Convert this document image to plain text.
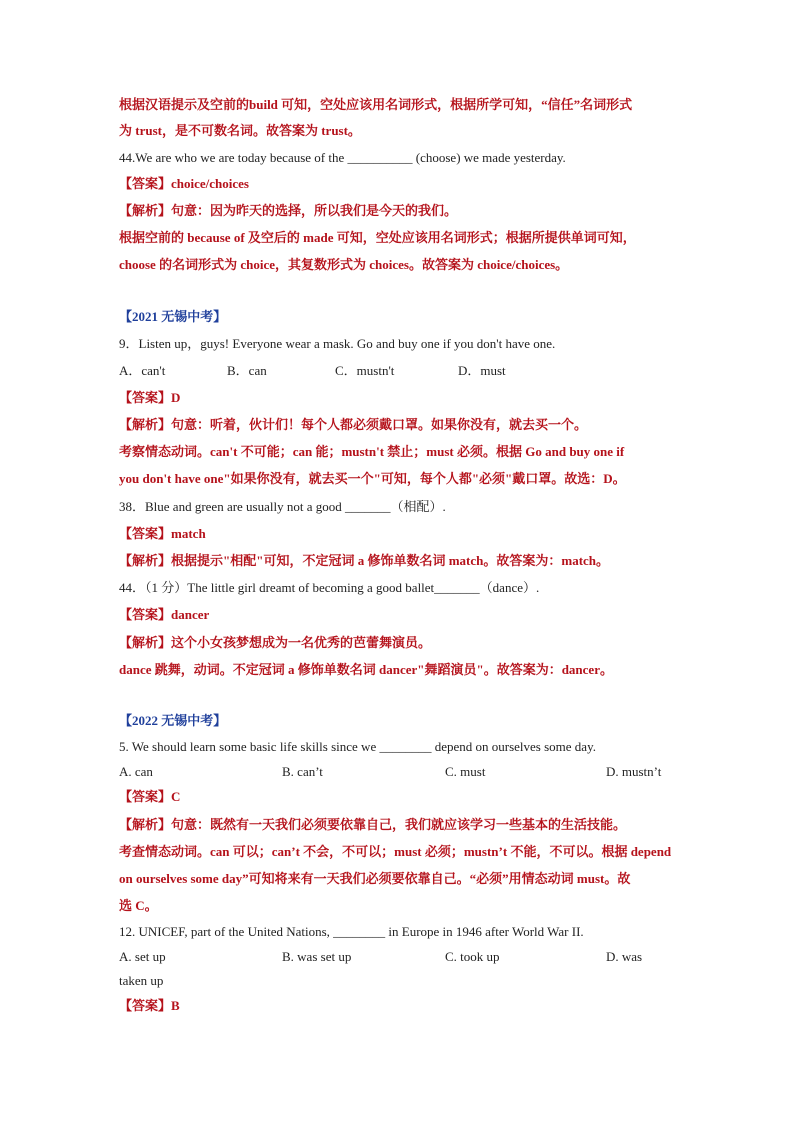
根据汉语提示及空前的build 可知，空处应该用名词形式，根据所学可知，“信任”名词形式
为 trust，是不可数名词。故答案为 trust。
44.We are who we are today because of the __________ (choose) we made yesterday.
【答案】choice/choices
【解析】句意：因为昨天的选择，所以我们是今天的我们。
根据空前的 because of 及空后的 made 可知，空处应该用名词形式；根据所提供单词可知，
choose 的名词形式为 choice，其复数形式为 choices。故答案为 choice/choices。
【2021 无锡中考】
9．Listen up，guys! Everyone wear a mask. Go and buy one if you don't have one.
A．can't	B．can	C．mustn't	D．must
【答案】D
【解析】句意：听着，伙计们！每个人都必须戴口罩。如果你没有，就去买一个。
考察情态动词。can't 不可能；can 能；mustn't 禁止；must 必须。根据 Go and buy one if
you don't have one"如果你没有，就去买一个"可知，每个人都"必须"戴口罩。故选：D。
38．Blue and green are usually not a good _______（相配）.
【答案】match
【解析】根据提示"相配"可知，不定冠词 a 修饰单数名词 match。故答案为：match。
44．（1 分）The little girl dreamt of becoming a good ballet_______（dance）.
【答案】dancer
【解析】这个小女孩梦想成为一名优秀的芭蕾舞演员。
dance 跳舞，动词。不定冠词 a 修饰单数名词 dancer"舞蹈演员"。故答案为：dancer。
【2022 无锡中考】
5. We should learn some basic life skills since we ________ depend on ourselves some day.
A. can	B. can’t	C. must	D. mustn’t
【答案】C
【解析】句意：既然有一天我们必须要依靠自己，我们就应该学习一些基本的生活技能。
考查情态动词。can 可以；can’t 不会，不可以；must 必须；mustn’t 不能，不可以。根据 depend
on ourselves some day”可知将来有一天我们必须要依靠自己。“必须”用情态动词 must。故
选 C。
12. UNICEF, part of the United Nations, ________ in Europe in 1946 after World War II.
A. set up	B. was set up	C. took up	D. was
taken up
【答案】B
